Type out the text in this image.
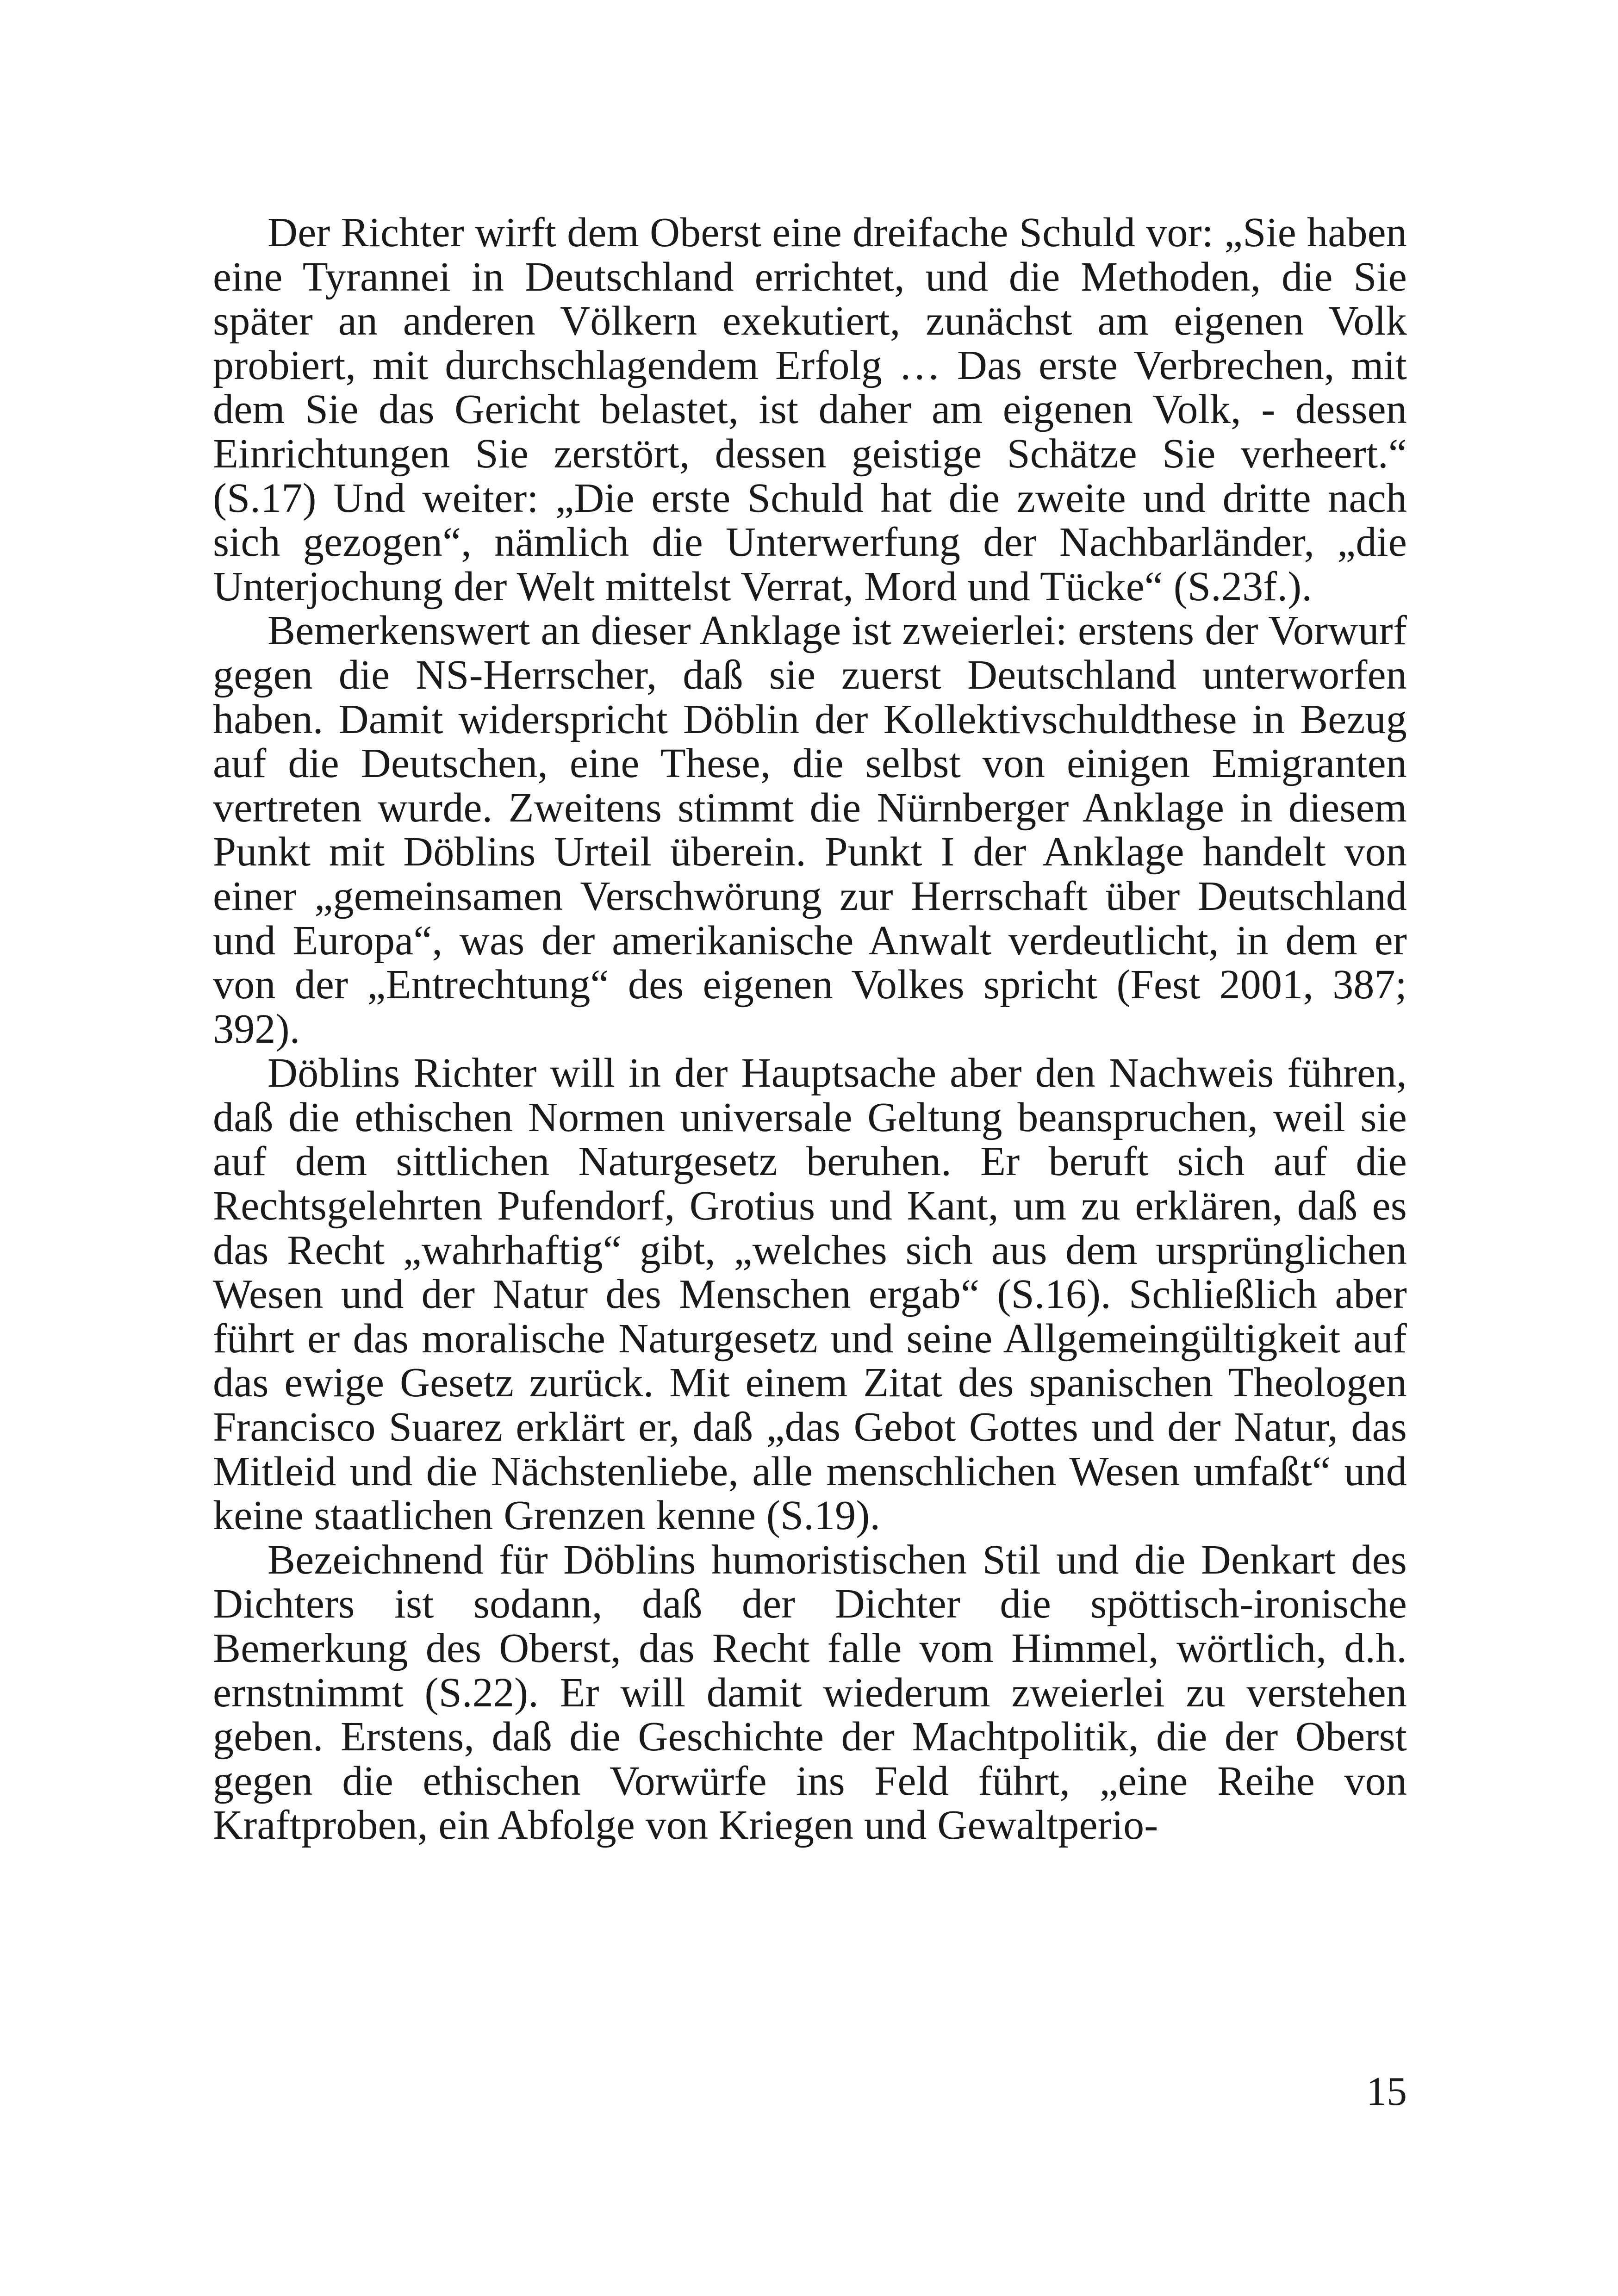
Der Richter wirft dem Oberst eine dreifache Schuld vor: „Sie haben eine Tyrannei in Deutschland errichtet, und die Methoden, die Sie später an anderen Völkern exekutiert, zunächst am eigenen Volk probiert, mit durchschlagendem Erfolg … Das erste Verbrechen, mit dem Sie das Gericht belastet, ist daher am eigenen Volk, - dessen Einrichtungen Sie zerstört, dessen geistige Schätze Sie verheert.“ (S.17) Und weiter: „Die erste Schuld hat die zweite und dritte nach sich gezogen“, nämlich die Unterwerfung der Nachbarländer, „die Unterjochung der Welt mittelst Verrat, Mord und Tücke“ (S.23f.).

Bemerkenswert an dieser Anklage ist zweierlei: erstens der Vorwurf gegen die NS-Herrscher, daß sie zuerst Deutschland unterworfen haben. Damit widerspricht Döblin der Kollektivschuldthese in Bezug auf die Deutschen, eine These, die selbst von einigen Emigranten vertreten wurde. Zweitens stimmt die Nürnberger Anklage in diesem Punkt mit Döblins Urteil überein. Punkt I der Anklage handelt von einer „gemeinsamen Verschwörung zur Herrschaft über Deutschland und Europa“, was der amerikanische Anwalt verdeutlicht, in dem er von der „Entrechtung“ des eigenen Volkes spricht (Fest 2001, 387; 392).

Döblins Richter will in der Hauptsache aber den Nachweis führen, daß die ethischen Normen universale Geltung beanspruchen, weil sie auf dem sittlichen Naturgesetz beruhen. Er beruft sich auf die Rechtsgelehrten Pufendorf, Grotius und Kant, um zu erklären, daß es das Recht „wahrhaftig“ gibt, „welches sich aus dem ursprünglichen Wesen und der Natur des Menschen ergab“ (S.16). Schließlich aber führt er das moralische Naturgesetz und seine Allgemeingültigkeit auf das ewige Gesetz zurück. Mit einem Zitat des spanischen Theologen Francisco Suarez erklärt er, daß „das Gebot Gottes und der Natur, das Mitleid und die Nächstenliebe, alle menschlichen Wesen umfaßt“ und keine staatlichen Grenzen kenne (S.19).

Bezeichnend für Döblins humoristischen Stil und die Denkart des Dichters ist sodann, daß der Dichter die spöttisch-ironische Bemerkung des Oberst, das Recht falle vom Himmel, wörtlich, d.h. ernstnimmt (S.22). Er will damit wiederum zweierlei zu verstehen geben. Erstens, daß die Geschichte der Machtpolitik, die der Oberst gegen die ethischen Vorwürfe ins Feld führt, „eine Reihe von Kraftproben, ein Abfolge von Kriegen und Gewaltperio-

15
